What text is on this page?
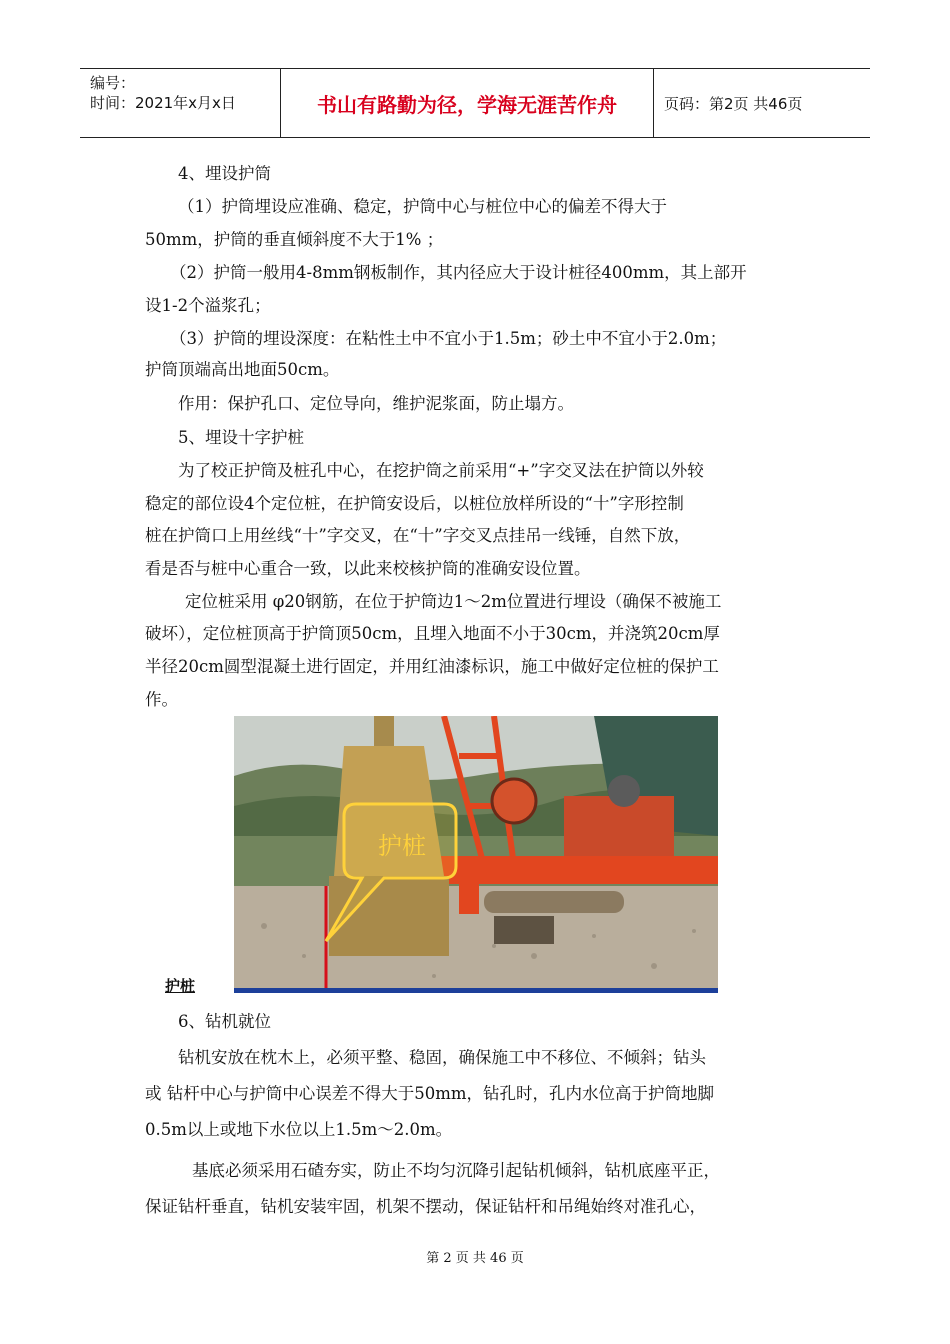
编号：
时间：2021年x月x日	书山有路勤为径，学海无涯苦作舟	页码：第2页 共46页
4、埋设护筒
（1）护筒埋设应准确、稳定，护筒中心与桩位中心的偏差不得大于
50mm，护筒的垂直倾斜度不大于1% ；
（2）护筒一般用4-8mm钢板制作，其内径应大于设计桩径400mm，其上部开
设1-2个溢浆孔；
（3）护筒的埋设深度：在粘性土中不宜小于1.5m；砂土中不宜小于2.0m；
护筒顶端高出地面50cm。
作用：保护孔口、定位导向，维护泥浆面，防止塌方。
5、埋设十字护桩
为了校正护筒及桩孔中心，在挖护筒之前采用“+”字交叉法在护筒以外较
稳定的部位设4个定位桩，在护筒安设后，以桩位放样所设的“十”字形控制
桩在护筒口上用丝线“十”字交叉，在“十”字交叉点挂吊一线锤，自然下放，
看是否与桩中心重合一致，以此来校核护筒的准确安设位置。
定位桩采用 φ20钢筋，在位于护筒边1～2m位置进行埋设（确保不被施工
破坏），定位桩顶高于护筒顶50cm，且埋入地面不小于30cm，并浇筑20cm厚
半径20cm圆型混凝土进行固定，并用红油漆标识，施工中做好定位桩的保护工
作。
护桩
护桩
6、钻机就位
钻机安放在枕木上，必须平整、稳固，确保施工中不移位、不倾斜；钻头
或 钻杆中心与护筒中心误差不得大于50mm，钻孔时，孔内水位高于护筒地脚
0.5m以上或地下水位以上1.5m～2.0m。
基底必须采用石碴夯实，防止不均匀沉降引起钻机倾斜，钻机底座平正，
保证钻杆垂直，钻机安装牢固，机架不摆动，保证钻杆和吊绳始终对准孔心，
第 2 页 共 46 页
